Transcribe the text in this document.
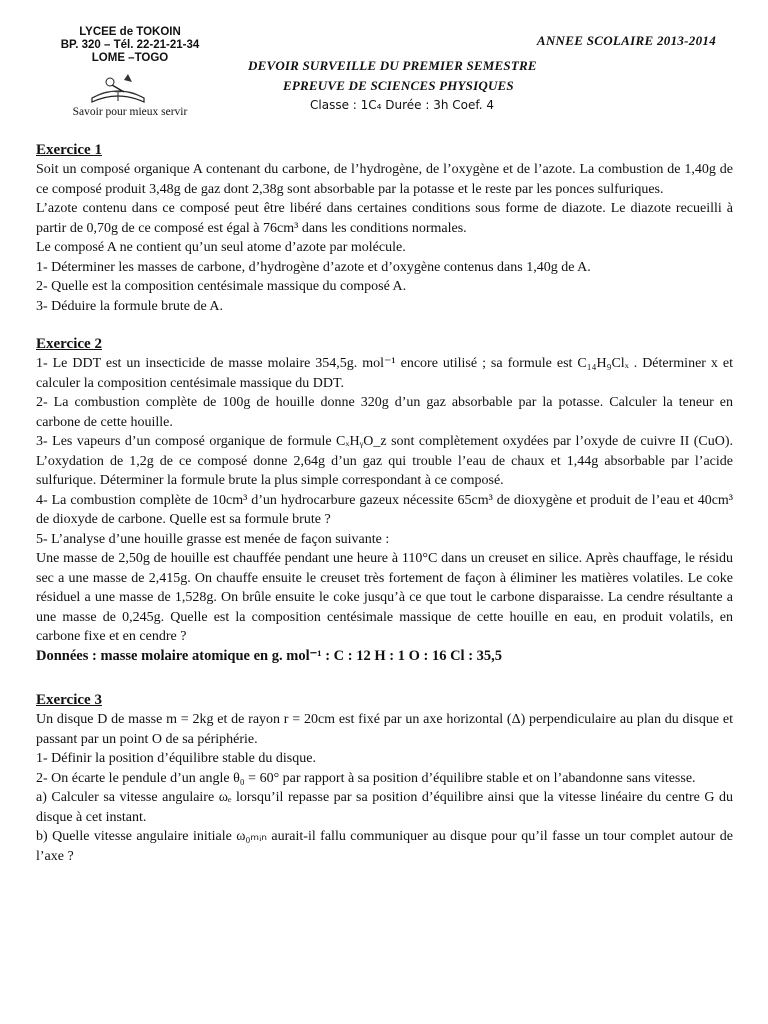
LYCEE de TOKOIN
BP. 320 – Tél. 22-21-21-34
LOME –TOGO
Savoir pour mieux servir
ANNEE SCOLAIRE 2013-2014
DEVOIR SURVEILLE DU PREMIER SEMESTRE
EPREUVE DE SCIENCES PHYSIQUES
Classe : 1C₄ Durée : 3h Coef. 4
Exercice 1

Soit un composé organique A contenant du carbone, de l’hydrogène, de l’oxygène et de l’azote. La combustion de 1,40g de ce composé produit 3,48g de gaz dont 2,38g sont absorbable par la potasse et le reste par les ponces sulfuriques.

L’azote contenu dans ce composé peut être libéré dans certaines conditions sous forme de diazote. Le diazote recueilli à partir de 0,70g de ce composé est égal à 76cm³ dans les conditions normales.

Le composé A ne contient qu’un seul atome d’azote par molécule.

1- Déterminer les masses de carbone, d’hydrogène d’azote et d’oxygène contenus dans 1,40g de A.

2- Quelle est la composition centésimale massique du composé A.

3- Déduire la formule brute de A.

Exercice 2

1- Le DDT est un insecticide de masse molaire 354,5g. mol⁻¹ encore utilisé ; sa formule est C₁₄H₉Clₓ . Déterminer x et calculer la composition centésimale massique du DDT.

2- La combustion complète de 100g de houille donne 320g d’un gaz absorbable par la potasse. Calculer la teneur en carbone de cette houille.

3- Les vapeurs d’un composé organique de formule CₓHᵧO_z sont complètement oxydées par l’oxyde de cuivre II (CuO). L’oxydation de 1,2g de ce composé donne 2,64g d’un gaz qui trouble l’eau de chaux et 1,44g absorbable par l’acide sulfurique. Déterminer la formule brute la plus simple correspondant à ce composé.

4- La combustion complète de 10cm³ d’un hydrocarbure gazeux nécessite 65cm³ de dioxygène et produit de l’eau et 40cm³ de dioxyde de carbone. Quelle est sa formule brute ?

5- L’analyse d’une houille grasse est menée de façon suivante :

Une masse de 2,50g de houille est chauffée pendant une heure à 110°C dans un creuset en silice. Après chauffage, le résidu sec a une masse de 2,415g. On chauffe ensuite le creuset très fortement de façon à éliminer les matières volatiles. Le coke résiduel a une masse de 1,528g. On brûle ensuite le coke jusqu’à ce que tout le carbone disparaisse. La cendre résultante a une masse de 0,245g. Quelle est la composition centésimale massique de cette houille en eau, en produit volatils, en carbone fixe et en cendre ?

Données : masse molaire atomique en g. mol⁻¹ : C : 12 H : 1 O : 16 Cl : 35,5

Exercice 3

Un disque D de masse m = 2kg et de rayon r = 20cm est fixé par un axe horizontal (Δ) perpendiculaire au plan du disque et passant par un point O de sa périphérie.

1- Définir la position d’équilibre stable du disque.

2- On écarte le pendule d’un angle θ₀ = 60° par rapport à sa position d’équilibre stable et on l’abandonne sans vitesse.

a) Calculer sa vitesse angulaire ωₑ lorsqu’il repasse par sa position d’équilibre ainsi que la vitesse linéaire du centre G du disque à cet instant.

b) Quelle vitesse angulaire initiale ω₀ₘᵢₙ aurait-il fallu communiquer au disque pour qu’il fasse un tour complet autour de l’axe ?
